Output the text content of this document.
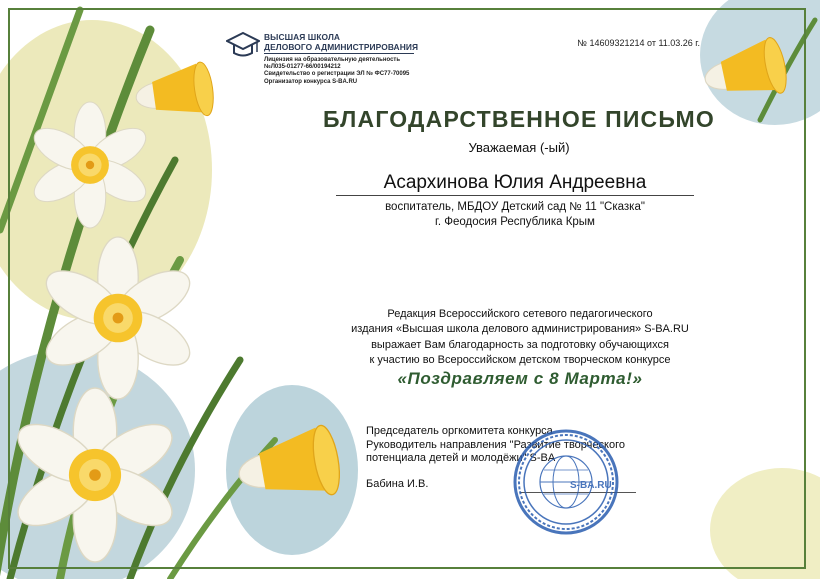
ВЫСШАЯ ШКОЛА
ДЕЛОВОГО АДМИНИСТРИРОВАНИЯ
Лицензия на образовательную деятельность
№Л035-01277-66/00194212
Свидетельство о регистрации ЭЛ № ФС77-70095
Организатор конкурса S-BA.RU
№ 14609321214 от 11.03.26 г.
БЛАГОДАРСТВЕННОЕ ПИСЬМО
Уважаемая (-ый)
Асархинова Юлия Андреевна
воспитатель, МБДОУ Детский сад № 11 "Сказка"
г. Феодосия Республика Крым
Редакция Всероссийского сетевого педагогического
издания «Высшая школа делового администрирования» S-BA.RU
выражает Вам благодарность за подготовку обучающихся
к участию во Всероссийском детском творческом конкурсе
«Поздравляем с 8 Марта!»
Председатель оргкомитета конкурса
Руководитель направления "Развитие творческого
потенциала детей и молодёжи" S-BA
Бабина И.В.	S-BA.RU
